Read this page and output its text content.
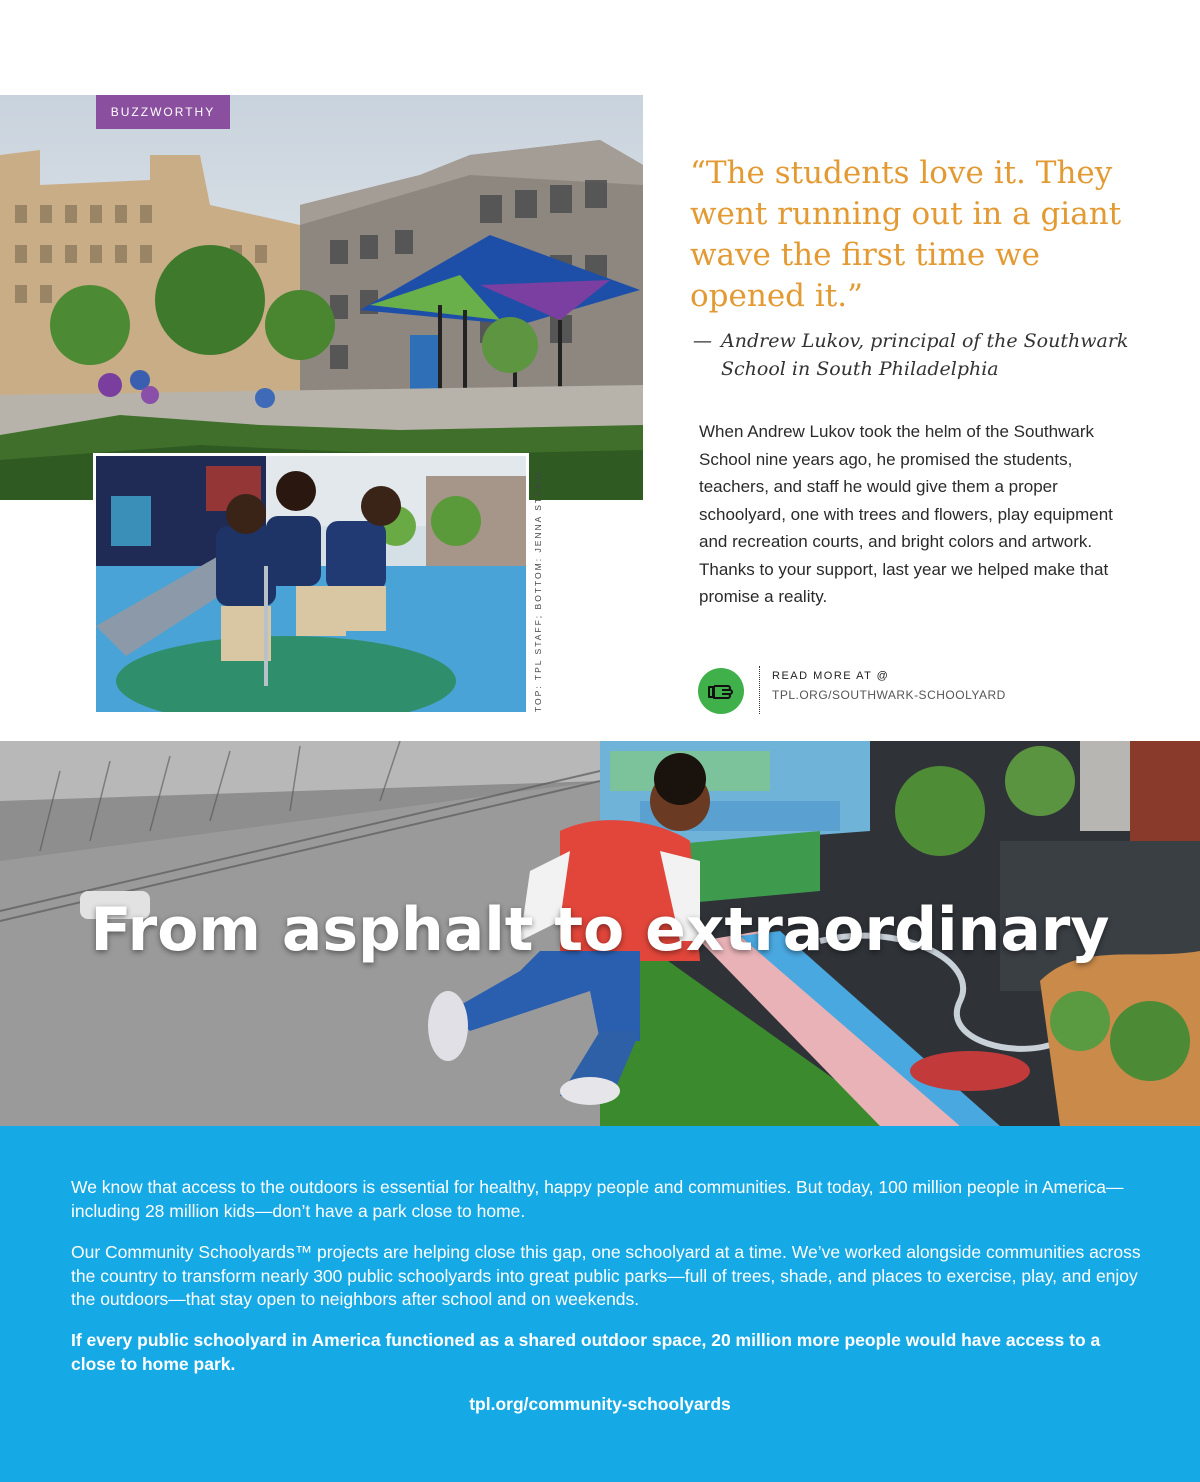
BUZZWORTHY
TOP: TPL STAFF; BOTTOM: JENNA STAMM

“The students love it. They went running out in a giant wave the first time we opened it.”

— Andrew Lukov, principal of the Southwark School in South Philadelphia

When Andrew Lukov took the helm of the Southwark School nine years ago, he promised the students, teachers, and staff he would give them a proper schoolyard, one with trees and flowers, play equipment and recreation courts, and bright colors and artwork. Thanks to your support, last year we helped make that promise a reality.

READ MORE AT @
TPL.ORG/SOUTHWARK-SCHOOLYARD

From asphalt to extraordinary

We know that access to the outdoors is essential for healthy, happy people and communities. But today, 100 million people in America—including 28 million kids—don’t have a park close to home.

Our Community Schoolyards™ projects are helping close this gap, one schoolyard at a time. We’ve worked alongside communities across the country to transform nearly 300 public schoolyards into great public parks—full of trees, shade, and places to exercise, play, and enjoy the outdoors—that stay open to neighbors after school and on weekends.

If every public schoolyard in America functioned as a shared outdoor space, 20 million more people would have access to a close to home park.

tpl.org/community-schoolyards
